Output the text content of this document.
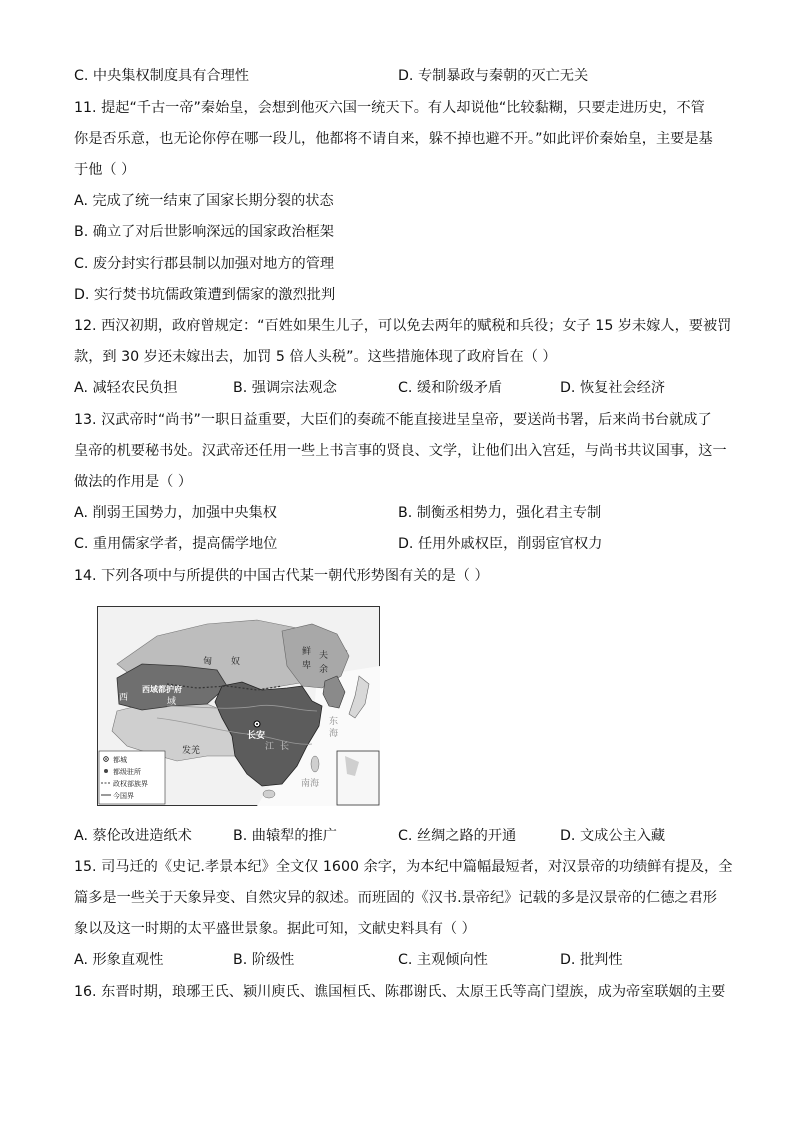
C. 中央集权制度具有合理性	D. 专制暴政与秦朝的灭亡无关
11. 提起“千古一帝”秦始皇，会想到他灭六国一统天下。有人却说他“比较黏糊，只要走进历史，不管
你是否乐意，也无论你停在哪一段儿，他都将不请自来，躲不掉也避不开。”如此评价秦始皇，主要是基
于他（ ）
A. 完成了统一结束了国家长期分裂的状态
B. 确立了对后世影响深远的国家政治框架
C. 废分封实行郡县制以加强对地方的管理
D. 实行焚书坑儒政策遭到儒家的激烈批判
12. 西汉初期，政府曾规定：“百姓如果生儿子，可以免去两年的赋税和兵役；女子 15 岁未嫁人，要被罚
款，到 30 岁还未嫁出去，加罚 5 倍人头税”。这些措施体现了政府旨在（ ）
A. 减轻农民负担	B. 强调宗法观念	C. 缓和阶级矛盾	D. 恢复社会经济
13. 汉武帝时“尚书”一职日益重要，大臣们的奏疏不能直接进呈皇帝，要送尚书署，后来尚书台就成了
皇帝的机要秘书处。汉武帝还任用一些上书言事的贤良、文学，让他们出入宫廷，与尚书共议国事，这一
做法的作用是（ ）
A. 削弱王国势力，加强中央集权	B. 制衡丞相势力，强化君主专制
C. 重用儒家学者，提高儒学地位	D. 任用外戚权臣，削弱宦官权力
14. 下列各项中与所提供的中国古代某一朝代形势图有关的是（ ）
匈 奴
鲜
卑
夫
余
西域都护府
西	域
长安
发羌
东
海
南海
江 长
都城
都级驻所
政权部族界
今国界
A. 蔡伦改进造纸术	B. 曲辕犁的推广	C. 丝绸之路的开通	D. 文成公主入藏
15. 司马迁的《史记.孝景本纪》全文仅 1600 余字，为本纪中篇幅最短者，对汉景帝的功绩鲜有提及，全
篇多是一些关于天象异变、自然灾异的叙述。而班固的《汉书.景帝纪》记载的多是汉景帝的仁德之君形
象以及这一时期的太平盛世景象。据此可知，文献史料具有（ ）
A. 形象直观性	B. 阶级性	C. 主观倾向性	D. 批判性
16. 东晋时期，琅琊王氏、颍川庾氏、谯国桓氏、陈郡谢氏、太原王氏等高门望族，成为帝室联姻的主要
